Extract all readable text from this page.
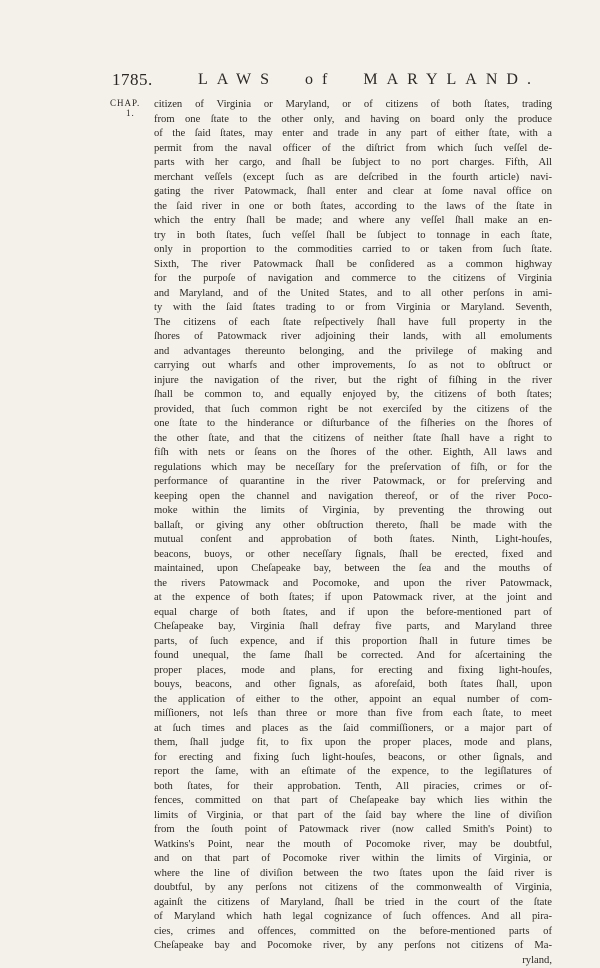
1785.	LAWS of MARYLAND.
CHAP.
1.
citizen of Virginia or Maryland, or of citizens of both ſtates, trading
from one ſtate to the other only, and having on board only the produce
of the ſaid ſtates, may enter and trade in any part of either ſtate, with a
permit from the naval officer of the diſtrict from which ſuch veſſel de-
parts with her cargo, and ſhall be ſubject to no port charges. Fifth, All
merchant veſſels (except ſuch as are deſcribed in the fourth article) navi-
gating the river Patowmack, ſhall enter and clear at ſome naval office on
the ſaid river in one or both ſtates, according to the laws of the ſtate in
which the entry ſhall be made; and where any veſſel ſhall make an en-
try in both ſtates, ſuch veſſel ſhall be ſubject to tonnage in each ſtate,
only in proportion to the commodities carried to or taken from ſuch ſtate.
Sixth, The river Patowmack ſhall be conſidered as a common highway
for the purpoſe of navigation and commerce to the citizens of Virginia
and Maryland, and of the United States, and to all other perſons in ami-
ty with the ſaid ſtates trading to or from Virginia or Maryland. Seventh,
The citizens of each ſtate reſpectively ſhall have full property in the
ſhores of Patowmack river adjoining their lands, with all emoluments
and advantages thereunto belonging, and the privilege of making and
carrying out wharfs and other improvements, ſo as not to obſtruct or
injure the navigation of the river, but the right of fiſhing in the river
ſhall be common to, and equally enjoyed by, the citizens of both ſtates;
provided, that ſuch common right be not exerciſed by the citizens of the
one ſtate to the hinderance or diſturbance of the fiſheries on the ſhores of
the other ſtate, and that the citizens of neither ſtate ſhall have a right to
fiſh with nets or ſeans on the ſhores of the other. Eighth, All laws and
regulations which may be neceſſary for the preſervation of fiſh, or for the
performance of quarantine in the river Patowmack, or for preſerving and
keeping open the channel and navigation thereof, or of the river Poco-
moke within the limits of Virginia, by preventing the throwing out
ballaſt, or giving any other obſtruction thereto, ſhall be made with the
mutual conſent and approbation of both ſtates. Ninth, Light-houſes,
beacons, buoys, or other neceſſary ſignals, ſhall be erected, fixed and
maintained, upon Cheſapeake bay, between the ſea and the mouths of
the rivers Patowmack and Pocomoke, and upon the river Patowmack,
at the expence of both ſtates; if upon Patowmack river, at the joint and
equal charge of both ſtates, and if upon the before-mentioned part of
Cheſapeake bay, Virginia ſhall defray five parts, and Maryland three
parts, of ſuch expence, and if this proportion ſhall in future times be
found unequal, the ſame ſhall be corrected. And for aſcertaining the
proper places, mode and plans, for erecting and fixing light-houſes,
bouys, beacons, and other ſignals, as aforeſaid, both ſtates ſhall, upon
the application of either to the other, appoint an equal number of com-
miſſioners, not leſs than three or more than five from each ſtate, to meet
at ſuch times and places as the ſaid commiſſioners, or a major part of
them, ſhall judge fit, to fix upon the proper places, mode and plans,
for erecting and fixing ſuch light-houſes, beacons, or other ſignals, and
report the ſame, with an eſtimate of the expence, to the legiſlatures of
both ſtates, for their approbation. Tenth, All piracies, crimes or of-
fences, committed on that part of Cheſapeake bay which lies within the
limits of Virginia, or that part of the ſaid bay where the line of diviſion
from the ſouth point of Patowmack river (now called Smith's Point) to
Watkins's Point, near the mouth of Pocomoke river, may be doubtful,
and on that part of Pocomoke river within the limits of Virginia, or
where the line of diviſion between the two ſtates upon the ſaid river is
doubtful, by any perſons not citizens of the commonwealth of Virginia,
againſt the citizens of Maryland, ſhall be tried in the court of the ſtate
of Maryland which hath legal cognizance of ſuch offences. And all pira-
cies, crimes and offences, committed on the before-mentioned parts of
Cheſapeake bay and Pocomoke river, by any perſons not citizens of Ma-
ryland,
